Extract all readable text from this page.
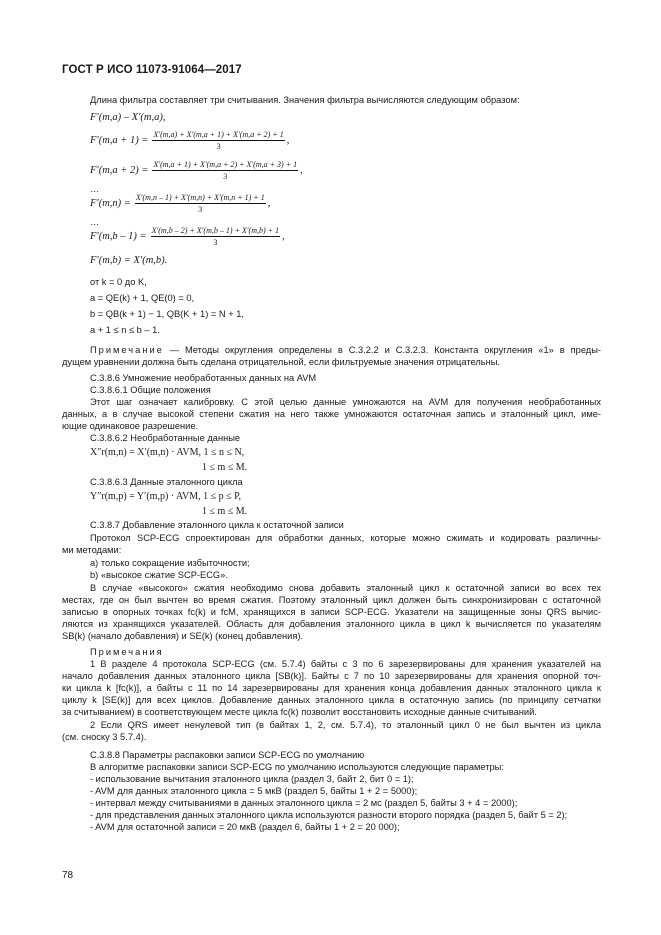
ГОСТ Р ИСО 11073-91064—2017
Длина фильтра составляет три считывания. Значения фильтра вычисляются следующим образом:
F′(m,a) – X′(m,a),
$F'(m,a + 1) = \frac{X'(m,a) + X'(m,a + 1) + X'(m,a + 2) + 1}{3}$ ,
$F'(m,a + 2) = \frac{X'(m,a + 1) + X'(m,a + 2) + X'(m,a + 3) + 1}{3}$ ,
…
$F'(m,n) = \frac{X'(m,n - 1) + X'(m,n) + X'(m,n + 1) + 1}{3}$ ,
…
$F'(m,b - 1) = \frac{X'(m,b - 2) + X'(m,b - 1) + X'(m,b) + 1}{3}$ ,
F′(m,b) = X′(m,b).
от k = 0 до K,
a = QE(k) + 1, QE(0) = 0,
b = QB(k + 1) − 1, QB(K + 1) = N + 1,
a + 1 ≤ n ≤ b – 1.
Примечание — Методы округления определены в С.3.2.2 и С.3.2.3. Константа округления «1» в преды-
дущем уравнении должна быть сделана отрицательной, если фильтруемые значения отрицательны.
С.3.8.6 Умножение необработанных данных на AVM
С.3.8.6.1 Общие положения
Этот шаг означает калибровку. С этой целью данные умножаются на AVM для получения необработанных
данных, а в случае высокой степени сжатия на него также умножаются остаточная запись и эталонный цикл, име-
ющие одинаковое разрешение.
С.3.8.6.2 Необработанные данные
X″r(m,n) = X′(m,n) · AVM, 1 ≤ n ≤ N,
1 ≤ m ≤ M.
С.3.8.6.3 Данные эталонного цикла
Y″r(m,p) = Y′(m,p) · AVM, 1 ≤ p ≤ P,
1 ≤ m ≤ M.
С.3.8.7 Добавление эталонного цикла к остаточной записи
Протокол SCP-ECG спроектирован для обработки данных, которые можно сжимать и кодировать различны-
ми методами:
а) только сокращение избыточности;
b) «высокое сжатие SCP-ECG».
В случае «высокого» сжатия необходимо снова добавить эталонный цикл к остаточной записи во всех тех
местах, где он был вычтен во время сжатия. Поэтому эталонный цикл должен быть синхронизирован с остаточной
записью в опорных точках fc(k) и fcM, хранящихся в записи SCP-ECG. Указатели на защищенные зоны QRS вычис-
ляются из хранящихся указателей. Область для добавления эталонного цикла в цикл k вычисляется по указателям
SB(k) (начало добавления) и SE(k) (конец добавления).
Примечания
1 В разделе 4 протокола SCP-ECG (см. 5.7.4) байты с 3 по 6 зарезервированы для хранения указателей на
начало добавления данных эталонного цикла [SB(k)]. Байты с 7 по 10 зарезервированы для хранения опорной точ-
ки цикла k [fc(k)], а байты с 11 по 14 зарезервированы для хранения конца добавления данных эталонного цикла к
циклу k [SE(k)] для всех циклов. Добавление данных эталонного цикла в остаточную запись (по принципу сетчатки
за считыванием) в соответствующем месте цикла fc(k) позволит восстановить исходные данные считываний.
2 Если QRS имеет ненулевой тип (в байтах 1, 2, см. 5.7.4), то эталонный цикл 0 не был вычтен из цикла
(см. сноску 3 5.7.4).
С.3.8.8 Параметры распаковки записи SCP-ECG по умолчанию
В алгоритме распаковки записи SCP-ECG по умолчанию используются следующие параметры:
- использование вычитания эталонного цикла (раздел 3, байт 2, бит 0 = 1);
- AVM для данных эталонного цикла = 5 мкВ (раздел 5, байты 1 + 2 = 5000);
- интервал между считываниями в данных эталонного цикла = 2 мс (раздел 5, байты 3 + 4 = 2000);
- для представления данных эталонного цикла используются разности второго порядка (раздел 5, байт 5 = 2);
- AVM для остаточной записи = 20 мкВ (раздел 6, байты 1 + 2 = 20 000);
78
